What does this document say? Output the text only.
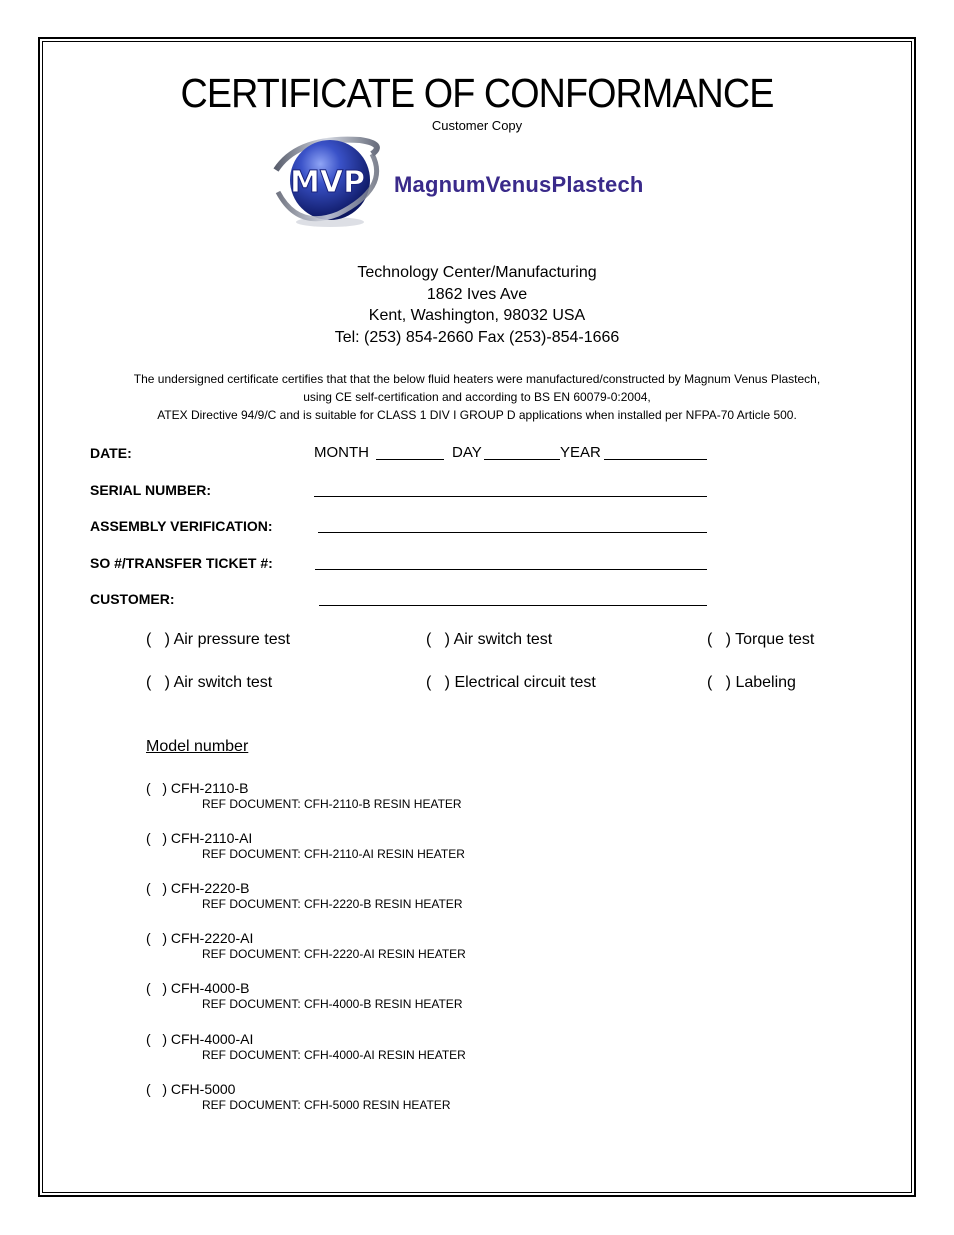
CERTIFICATE OF CONFORMANCE
Customer Copy
MVP MagnumVenusPlastech
Technology Center/Manufacturing
1862 Ives Ave
Kent, Washington, 98032 USA
Tel: (253) 854-2660 Fax (253)-854-1666
The undersigned certificate certifies that that the below fluid heaters were manufactured/constructed by Magnum Venus Plastech,
using CE self-certification and according to BS EN 60079-0:2004,
ATEX Directive 94/9/C and is suitable for CLASS 1 DIV I GROUP D applications when installed per NFPA-70 Article 500.
DATE:	MONTH	DAY	YEAR
SERIAL NUMBER:
ASSEMBLY VERIFICATION:
SO #/TRANSFER TICKET #:
CUSTOMER:
(   ) Air pressure test	(   ) Air switch test	(   ) Torque test
(   ) Air switch test	(   ) Electrical circuit test	(   ) Labeling
Model number
(   ) CFH-2110-B
REF DOCUMENT: CFH-2110-B RESIN HEATER
(   ) CFH-2110-AI
REF DOCUMENT: CFH-2110-AI RESIN HEATER
(   ) CFH-2220-B
REF DOCUMENT: CFH-2220-B RESIN HEATER
(   ) CFH-2220-AI
REF DOCUMENT: CFH-2220-AI RESIN HEATER
(   ) CFH-4000-B
REF DOCUMENT: CFH-4000-B RESIN HEATER
(   ) CFH-4000-AI
REF DOCUMENT: CFH-4000-AI RESIN HEATER
(   ) CFH-5000
REF DOCUMENT: CFH-5000 RESIN HEATER
